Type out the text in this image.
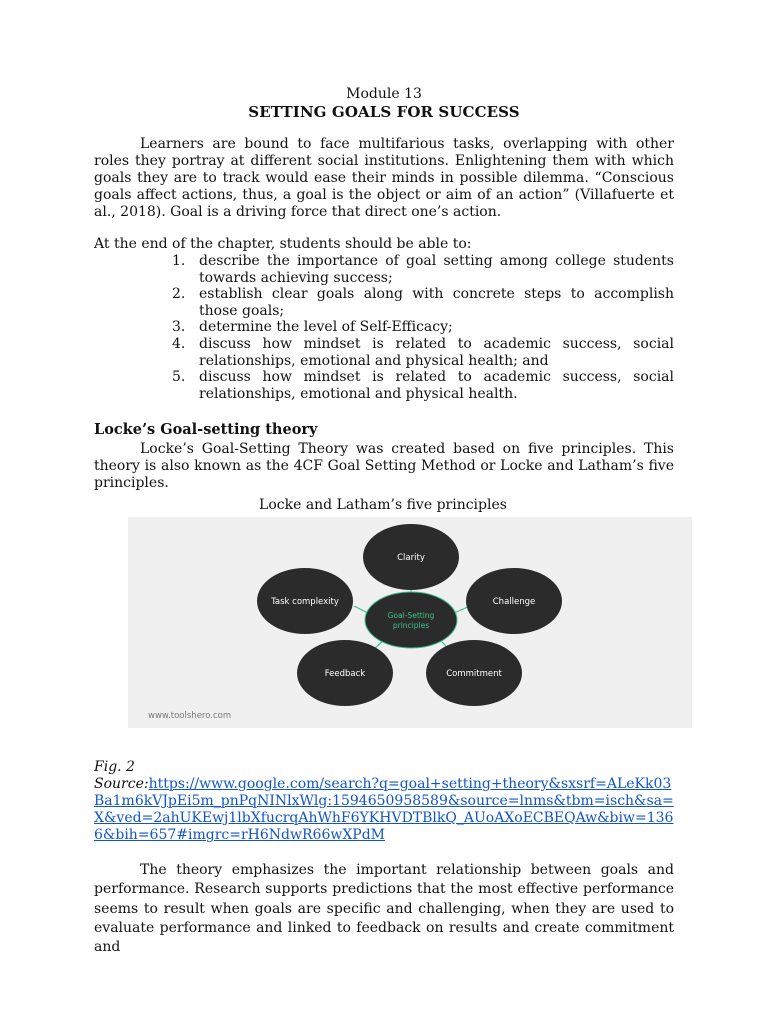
Module 13
SETTING GOALS FOR SUCCESS
Learners are bound to face multifarious tasks, overlapping with other roles they portray at different social institutions. Enlightening them with which goals they are to track would ease their minds in possible dilemma. “Conscious goals affect actions, thus, a goal is the object or aim of an action” (Villafuerte et al., 2018). Goal is a driving force that direct one’s action.
At the end of the chapter, students should be able to:
1. describe the importance of goal setting among college students towards achieving success;
2. establish clear goals along with concrete steps to accomplish those goals;
3. determine the level of Self-Efficacy;
4. discuss how mindset is related to academic success, social relationships, emotional and physical health; and
5. discuss how mindset is related to academic success, social relationships, emotional and physical health.
Locke’s Goal-setting theory
Locke’s Goal-Setting Theory was created based on five principles. This theory is also known as the 4CF Goal Setting Method or Locke and Latham’s five principles.
Locke and Latham’s five principles
Clarity
Challenge
Commitment
Feedback
Task complexity
Goal-Setting
principles
www.toolshero.com
Fig. 2
Source:https://www.google.com/search?q=goal+setting+theory&sxsrf=ALeKk03Ba1m6kVJpEi5m_pnPqNINlxWlg:1594650958589&source=lnms&tbm=isch&sa=X&ved=2ahUKEwj1lbXfucrqAhWhF6YKHVDTBlkQ_AUoAXoECBEQAw&biw=1366&bih=657#imgrc=rH6NdwR66wXPdM
The theory emphasizes the important relationship between goals and performance. Research supports predictions that the most effective performance seems to result when goals are specific and challenging, when they are used to evaluate performance and linked to feedback on results and create commitment and
